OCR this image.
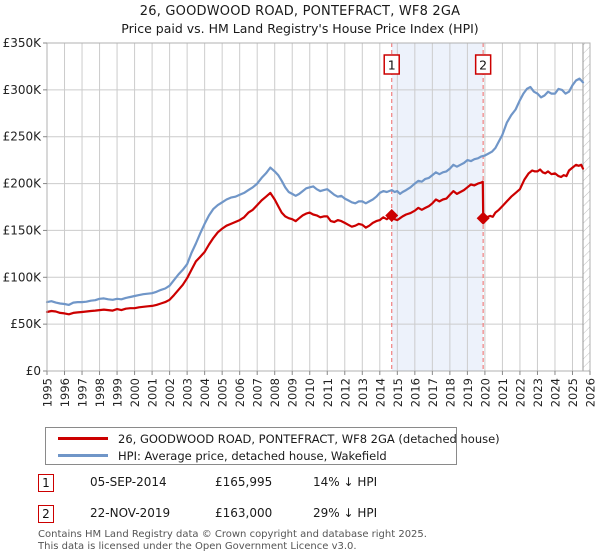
26, GOODWOOD ROAD, PONTEFRACT, WF8 2GA
Price paid vs. HM Land Registry's House Price Index (HPI)
1	2
1995 1996 1997 1998 1999 2000 2001 2002 2003 2004 2005 2006 2007 2008 2009 2010 2011 2012 2013 2014 2015 2016 2017 2018 2019 2020 2021 2022 2023 2024 2025 2026
£0
£50K
£100K
£150K
£200K
£250K
£300K
£350K
26, GOODWOOD ROAD, PONTEFRACT, WF8 2GA (detached house)
HPI: Average price, detached house, Wakefield
1	05-SEP-2014	£165,995	14% ↓ HPI
2	22-NOV-2019	£163,000	29% ↓ HPI
Contains HM Land Registry data © Crown copyright and database right 2025.
This data is licensed under the Open Government Licence v3.0.
